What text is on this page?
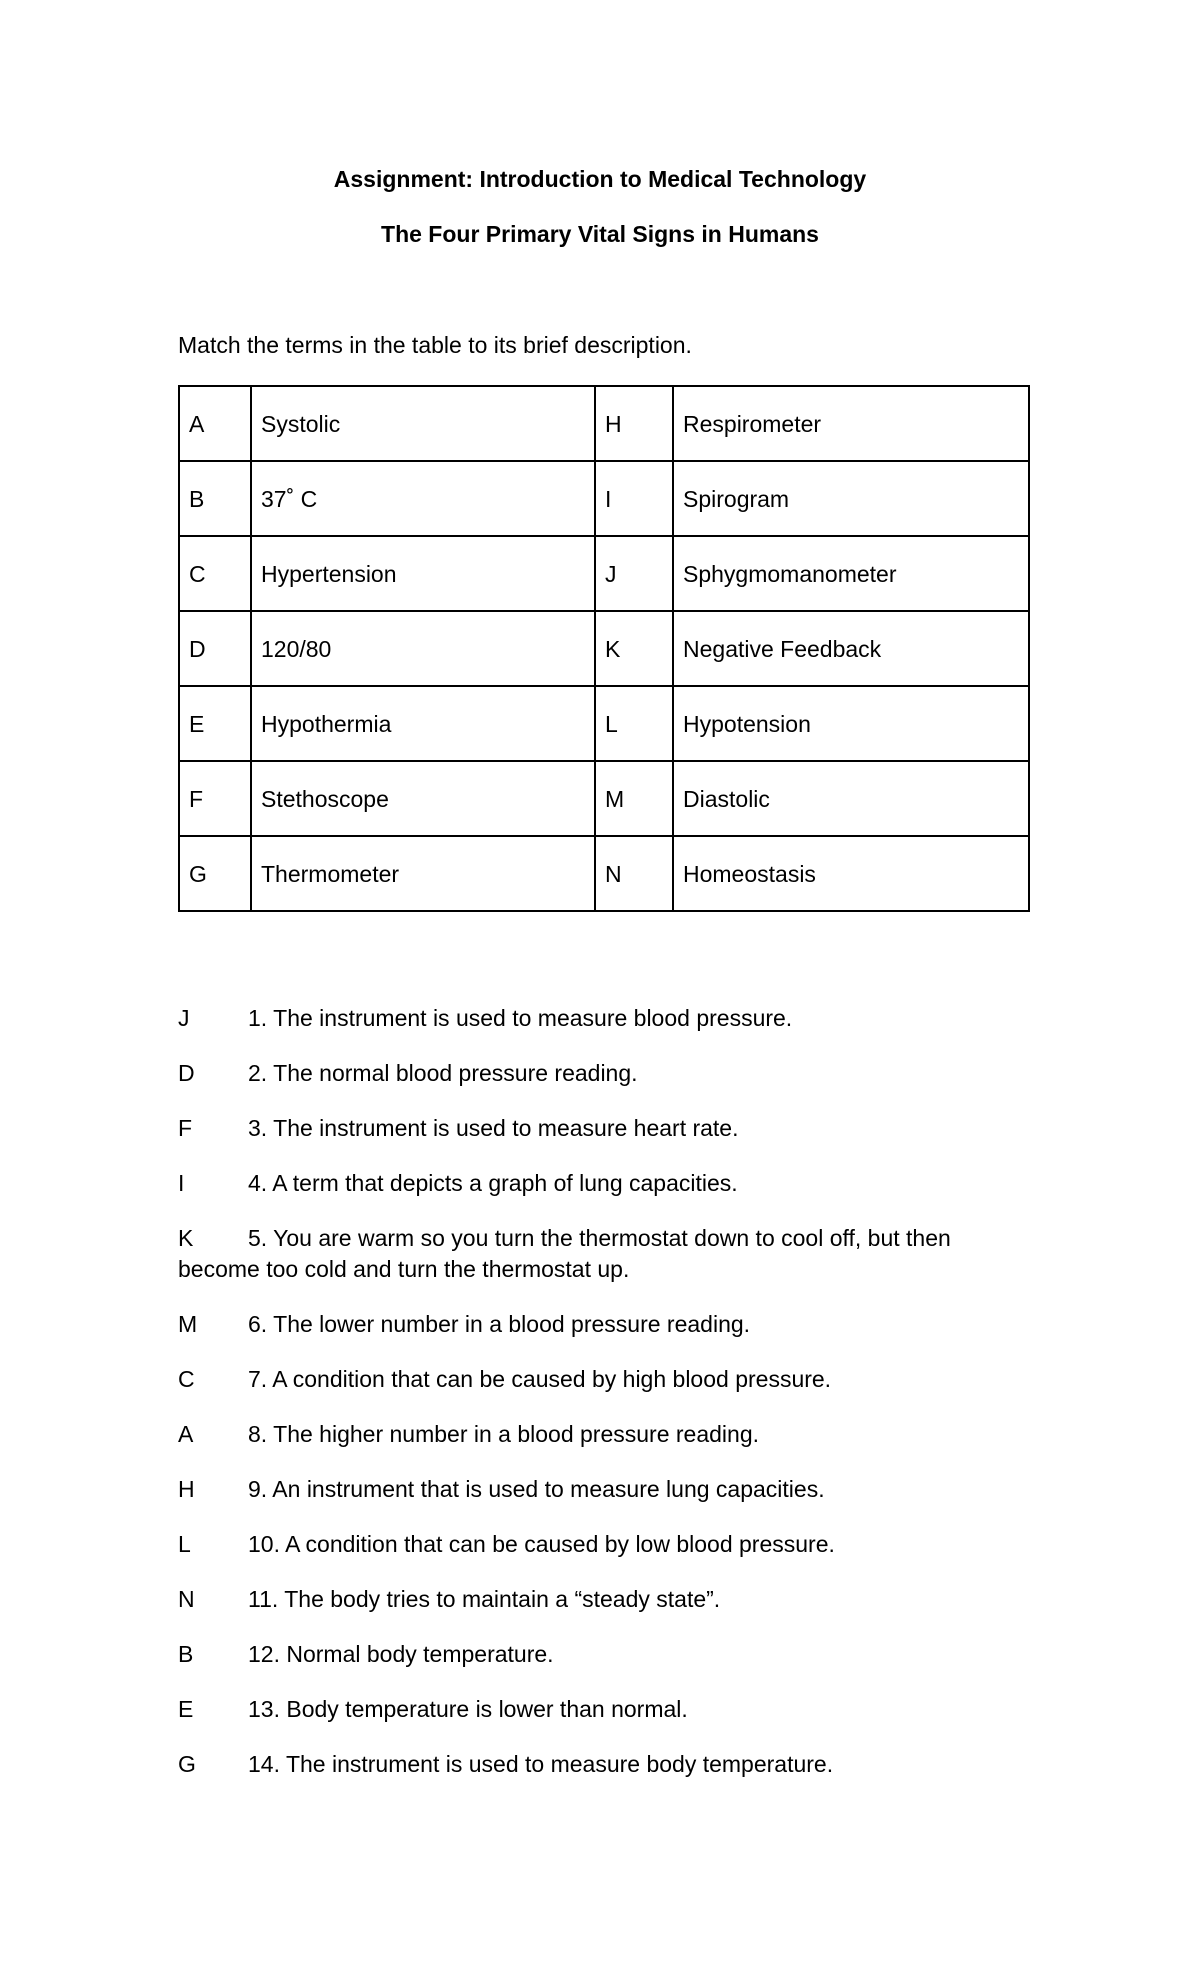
Assignment: Introduction to Medical Technology
The Four Primary Vital Signs in Humans
Match the terms in the table to its brief description.
A	Systolic	H	Respirometer
B	37˚ C	I	Spirogram
C	Hypertension	J	Sphygmomanometer
D	120/80	K	Negative Feedback
E	Hypothermia	L	Hypotension
F	Stethoscope	M	Diastolic
G	Thermometer	N	Homeostasis
J	1. The instrument is used to measure blood pressure.
D 2. The normal blood pressure reading.
F 3. The instrument is used to measure heart rate.
I	4. A term that depicts a graph of lung capacities.
K 5. You are warm so you turn the thermostat down to cool off, but then become too cold and turn the thermostat up.
M 6. The lower number in a blood pressure reading.
C 7. A condition that can be caused by high blood pressure.
A 8. The higher number in a blood pressure reading.
H 9. An instrument that is used to measure lung capacities.
L 10. A condition that can be caused by low blood pressure.
N 11. The body tries to maintain a “steady state”.
B 12. Normal body temperature.
E 13. Body temperature is lower than normal.
G 14. The instrument is used to measure body temperature.
